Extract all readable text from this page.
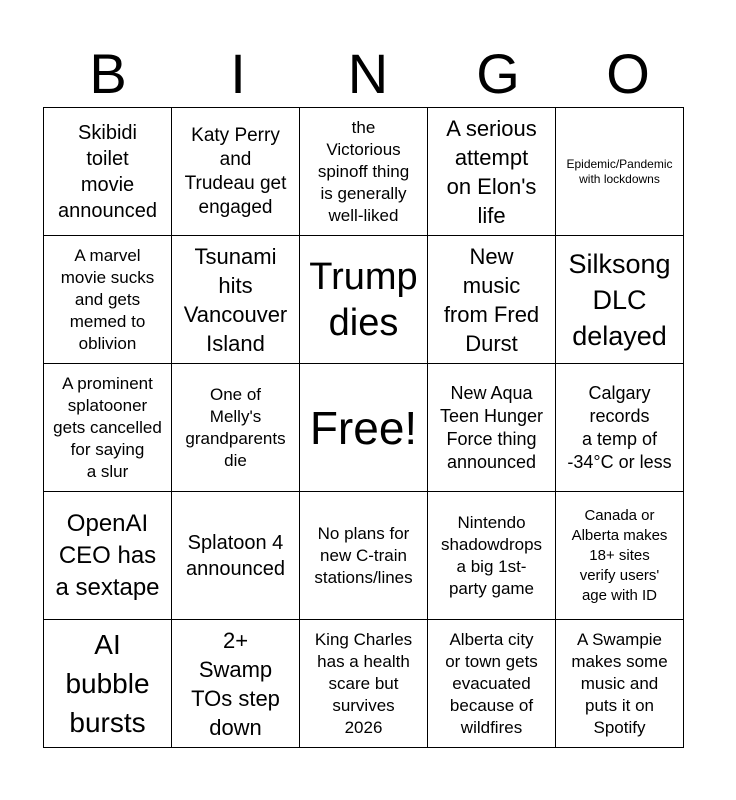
B	I	N	G	O
Skibidi
toilet
movie
announced	Katy Perry
and
Trudeau get
engaged	the
Victorious
spinoff thing
is generally
well-liked	A serious
attempt
on Elon's
life	Epidemic/Pandemic
with lockdowns

A marvel
movie sucks
and gets
memed to
oblivion	Tsunami
hits
Vancouver
Island	Trump
dies	New
music
from Fred
Durst	Silksong
DLC
delayed

A prominent
splatooner
gets cancelled
for saying
a slur	One of
Melly's
grandparents
die	Free!	New Aqua
Teen Hunger
Force thing
announced	Calgary
records
a temp of
-34°C or less

OpenAI
CEO has
a sextape	Splatoon 4
announced	No plans for
new C-train
stations/lines	Nintendo
shadowdrops
a big 1st-
party game	Canada or
Alberta makes
18+ sites
verify users'
age with ID

AI
bubble
bursts	2+
Swamp
TOs step
down	King Charles
has a health
scare but
survives
2026	Alberta city
or town gets
evacuated
because of
wildfires	A Swampie
makes some
music and
puts it on
Spotify
